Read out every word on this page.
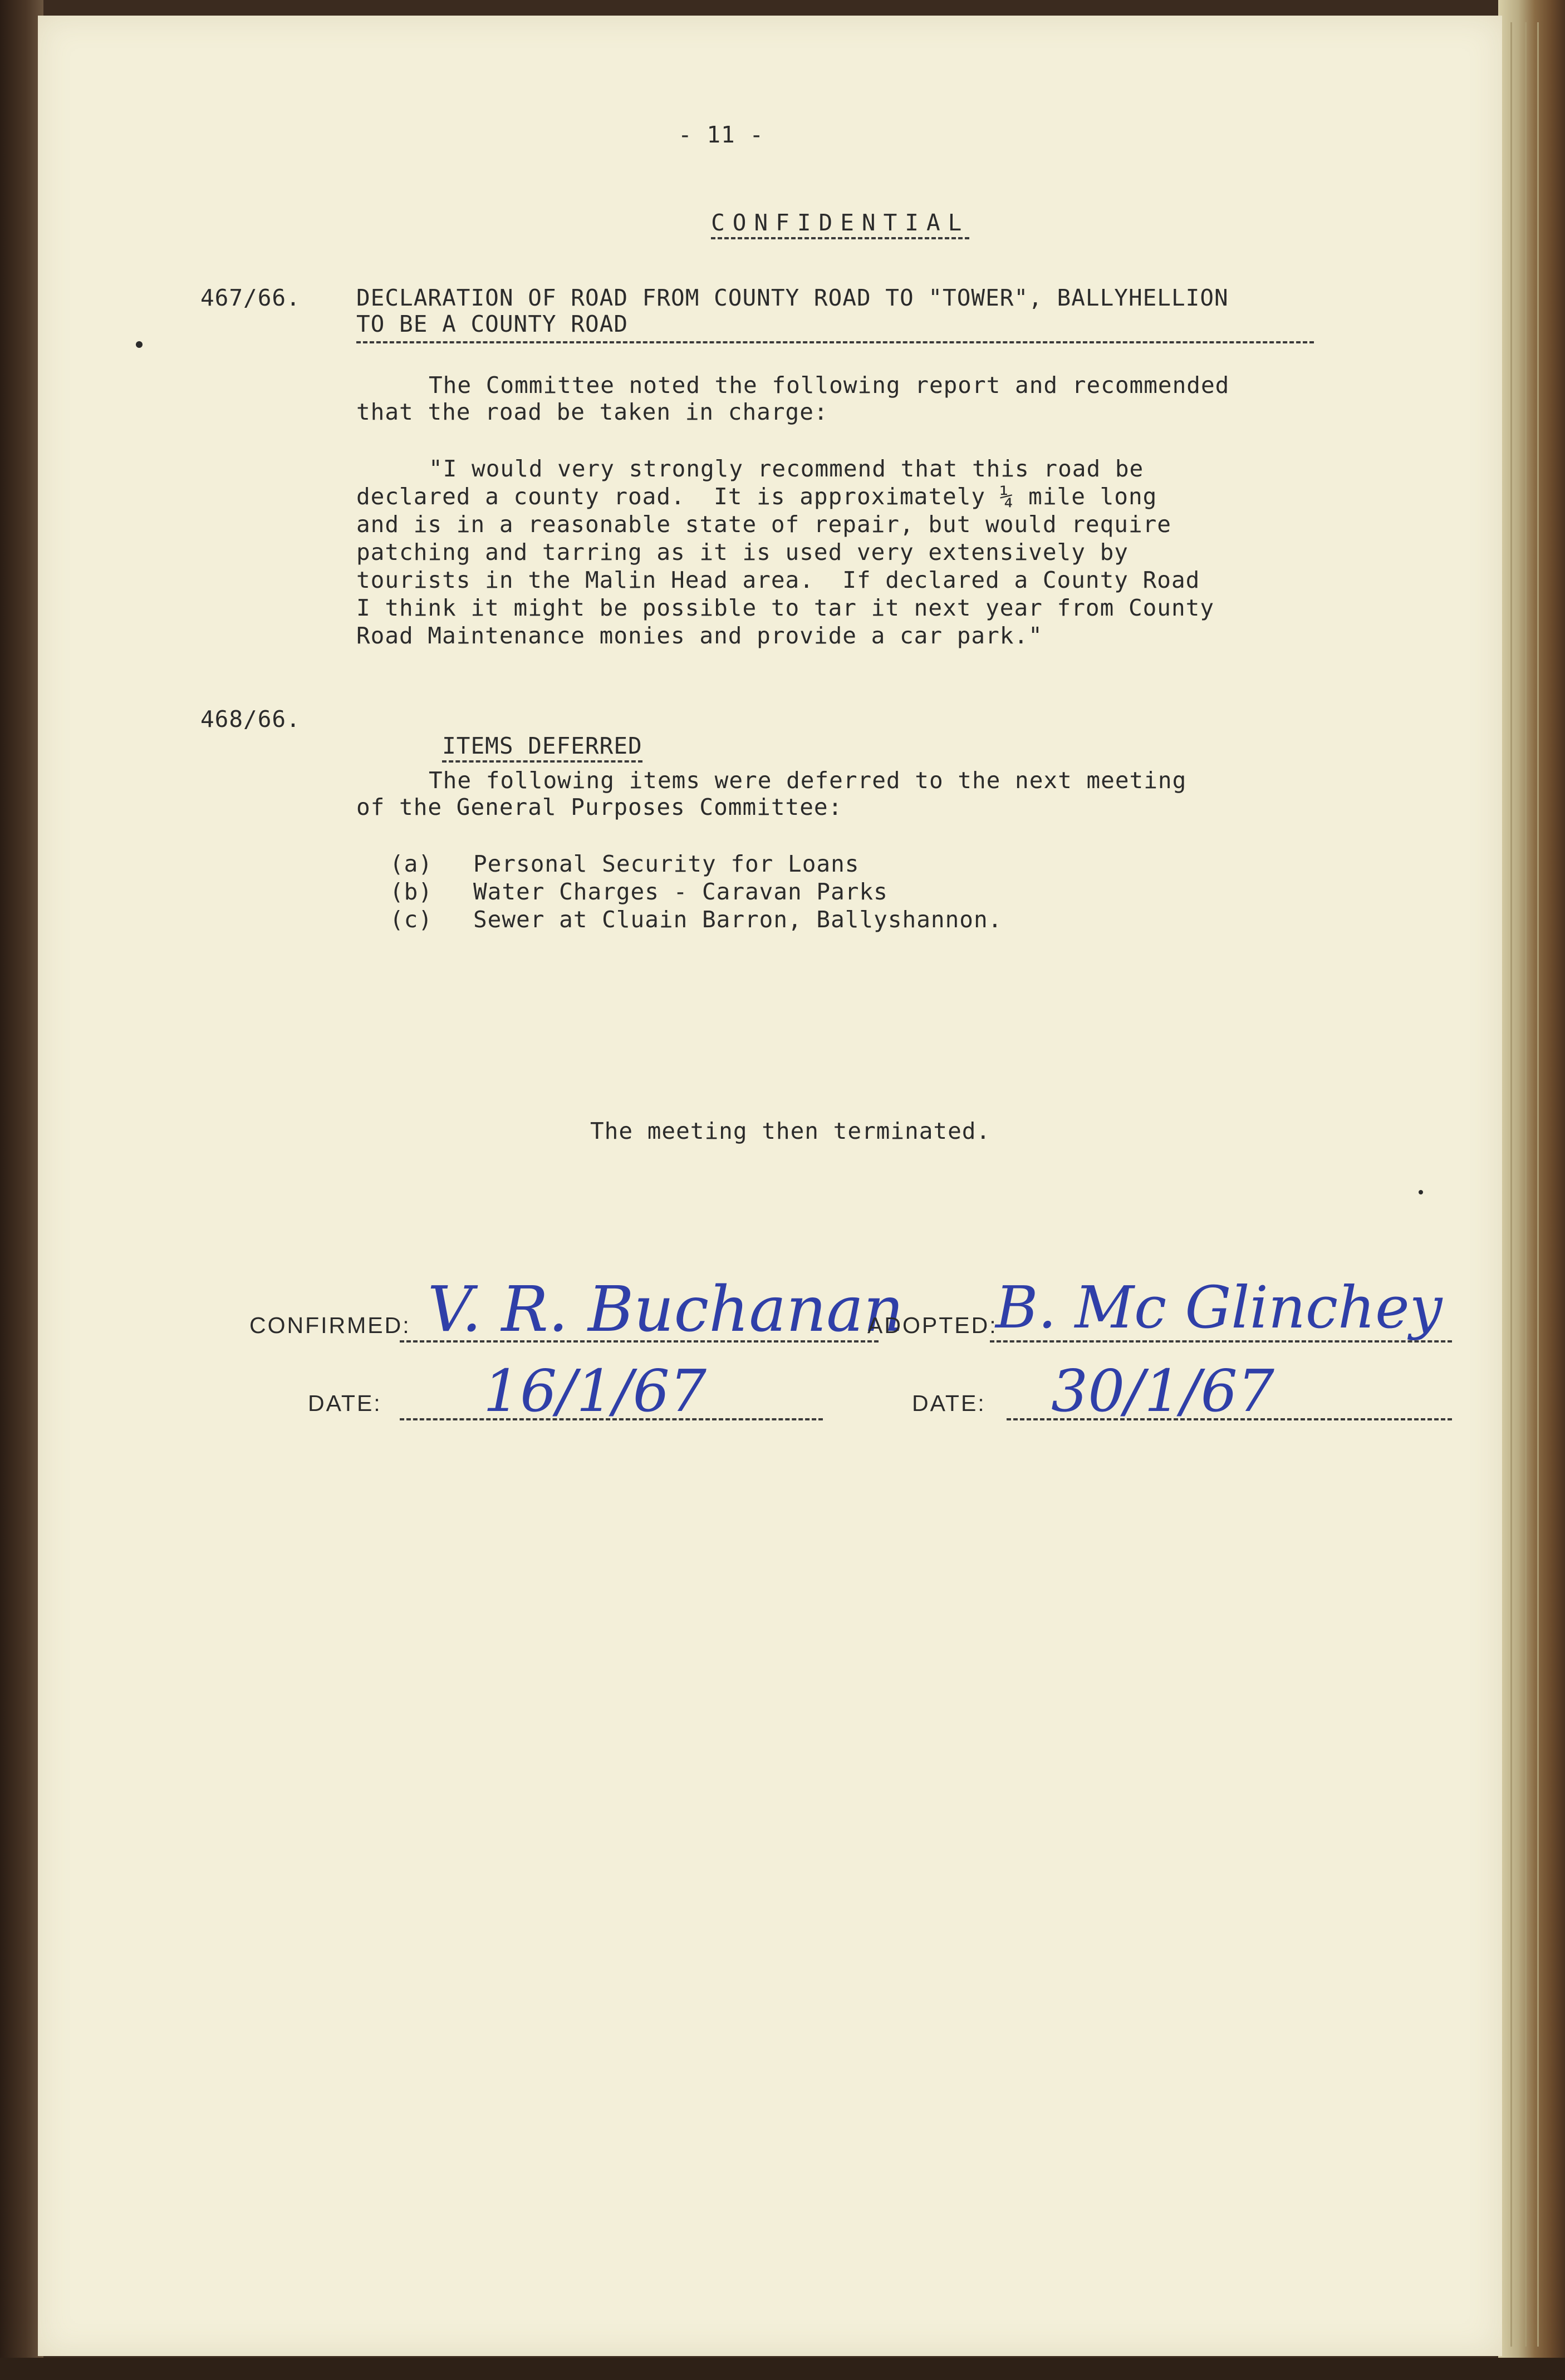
- 11 -

CONFIDENTIAL

467/66. DECLARATION OF ROAD FROM COUNTY ROAD TO "TOWER", BALLYHELLION
TO BE A COUNTY ROAD
The Committee noted the following report and recommended
that the road be taken in charge:
"I would very strongly recommend that this road be
declared a county road.  It is approximately ¼ mile long
and is in a reasonable state of repair, but would require
patching and tarring as it is used very extensively by
tourists in the Malin Head area.  If declared a County Road
I think it might be possible to tar it next year from County
Road Maintenance monies and provide a car park."
468/66.

ITEMS DEFERRED

The following items were deferred to the next meeting
of the General Purposes Committee:
(a) Personal Security for Loans
(b) Water Charges - Caravan Parks
(c) Sewer at Cluain Barron, Ballyshannon.
The meeting then terminated.
CONFIRMED: V. R. Buchanan
ADOPTED:
B. Mc Glinchey
DATE: 16/1/67	DATE: 30/1/67
